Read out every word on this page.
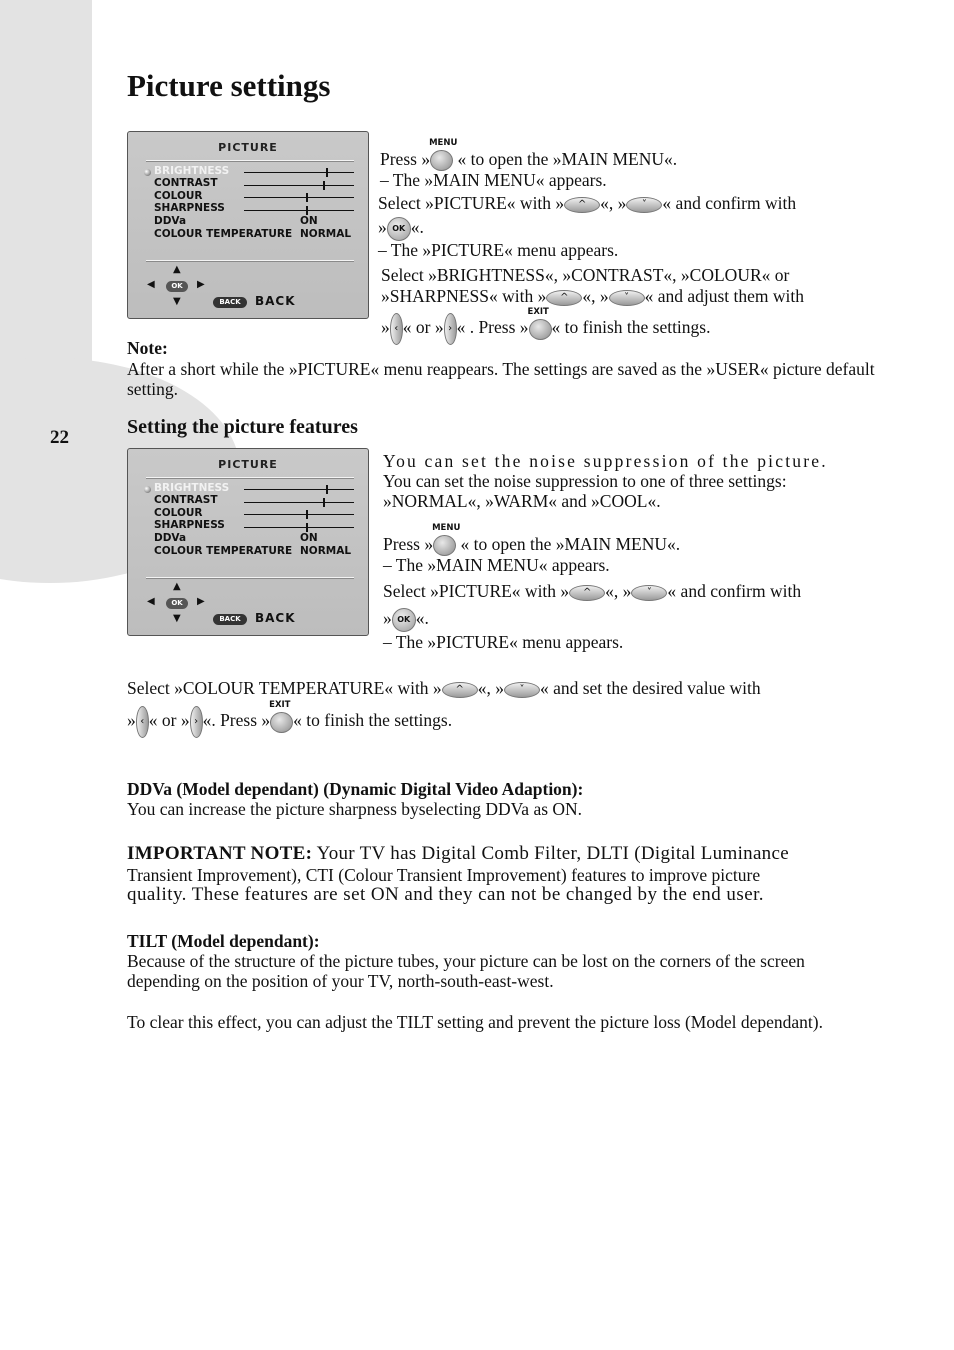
22
Picture settings
PICTURE
BRIGHTNESS
CONTRAST
COLOUR
SHARPNESS
DDVa
COLOUR TEMPERATURE
ON
NORMAL
▲
◀	OK	▶
▼	BACK	BACK
Press »
MENU
« to open the »MAIN MENU«.
– The »MAIN MENU« appears.
Select »PICTURE« with » ^ «, » ˅ « and confirm with
» OK «.
– The »PICTURE« menu appears.
Select »BRIGHTNESS«, »CONTRAST«, »COLOUR« or
»SHARPNESS« with » ^ «, » ˅ « and adjust them with
» ‹ « or » › « . Press »
EXIT
« to finish the settings.
Note:
After a short while the »PICTURE« menu reappears. The settings are saved as the »USER« picture default setting.
Setting the picture features
PICTURE
BRIGHTNESS
CONTRAST
COLOUR
SHARPNESS
DDVa
COLOUR TEMPERATURE
ON
NORMAL
▲
◀	OK	▶
▼	BACK	BACK
You can set the noise suppression of the picture.
You can set the noise suppression to one of three settings:
»NORMAL«, »WARM« and »COOL«.
Press »
MENU
« to open the »MAIN MENU«.
– The »MAIN MENU« appears.
Select »PICTURE« with » ^ «, » ˅ « and confirm with
» OK «.
– The »PICTURE« menu appears.
Select »COLOUR TEMPERATURE« with » ^ «, » ˅ « and set the desired value with
» ‹ « or » › «. Press »
EXIT
« to finish the settings.
DDVa (Model dependant) (Dynamic Digital Video Adaption):
You can increase the picture sharpness byselecting DDVa as ON.
IMPORTANT NOTE: Your TV has Digital Comb Filter, DLTI (Digital Luminance
Transient Improvement), CTI (Colour Transient Improvement) features to improve picture
quality. These features are set ON and they can not be changed by the end user.
TILT (Model dependant):
Because of the structure of the picture tubes, your picture can be lost on the corners of the screen depending on the position of your TV, north-south-east-west.
To clear this effect, you can adjust the TILT setting and prevent the picture loss (Model dependant).
